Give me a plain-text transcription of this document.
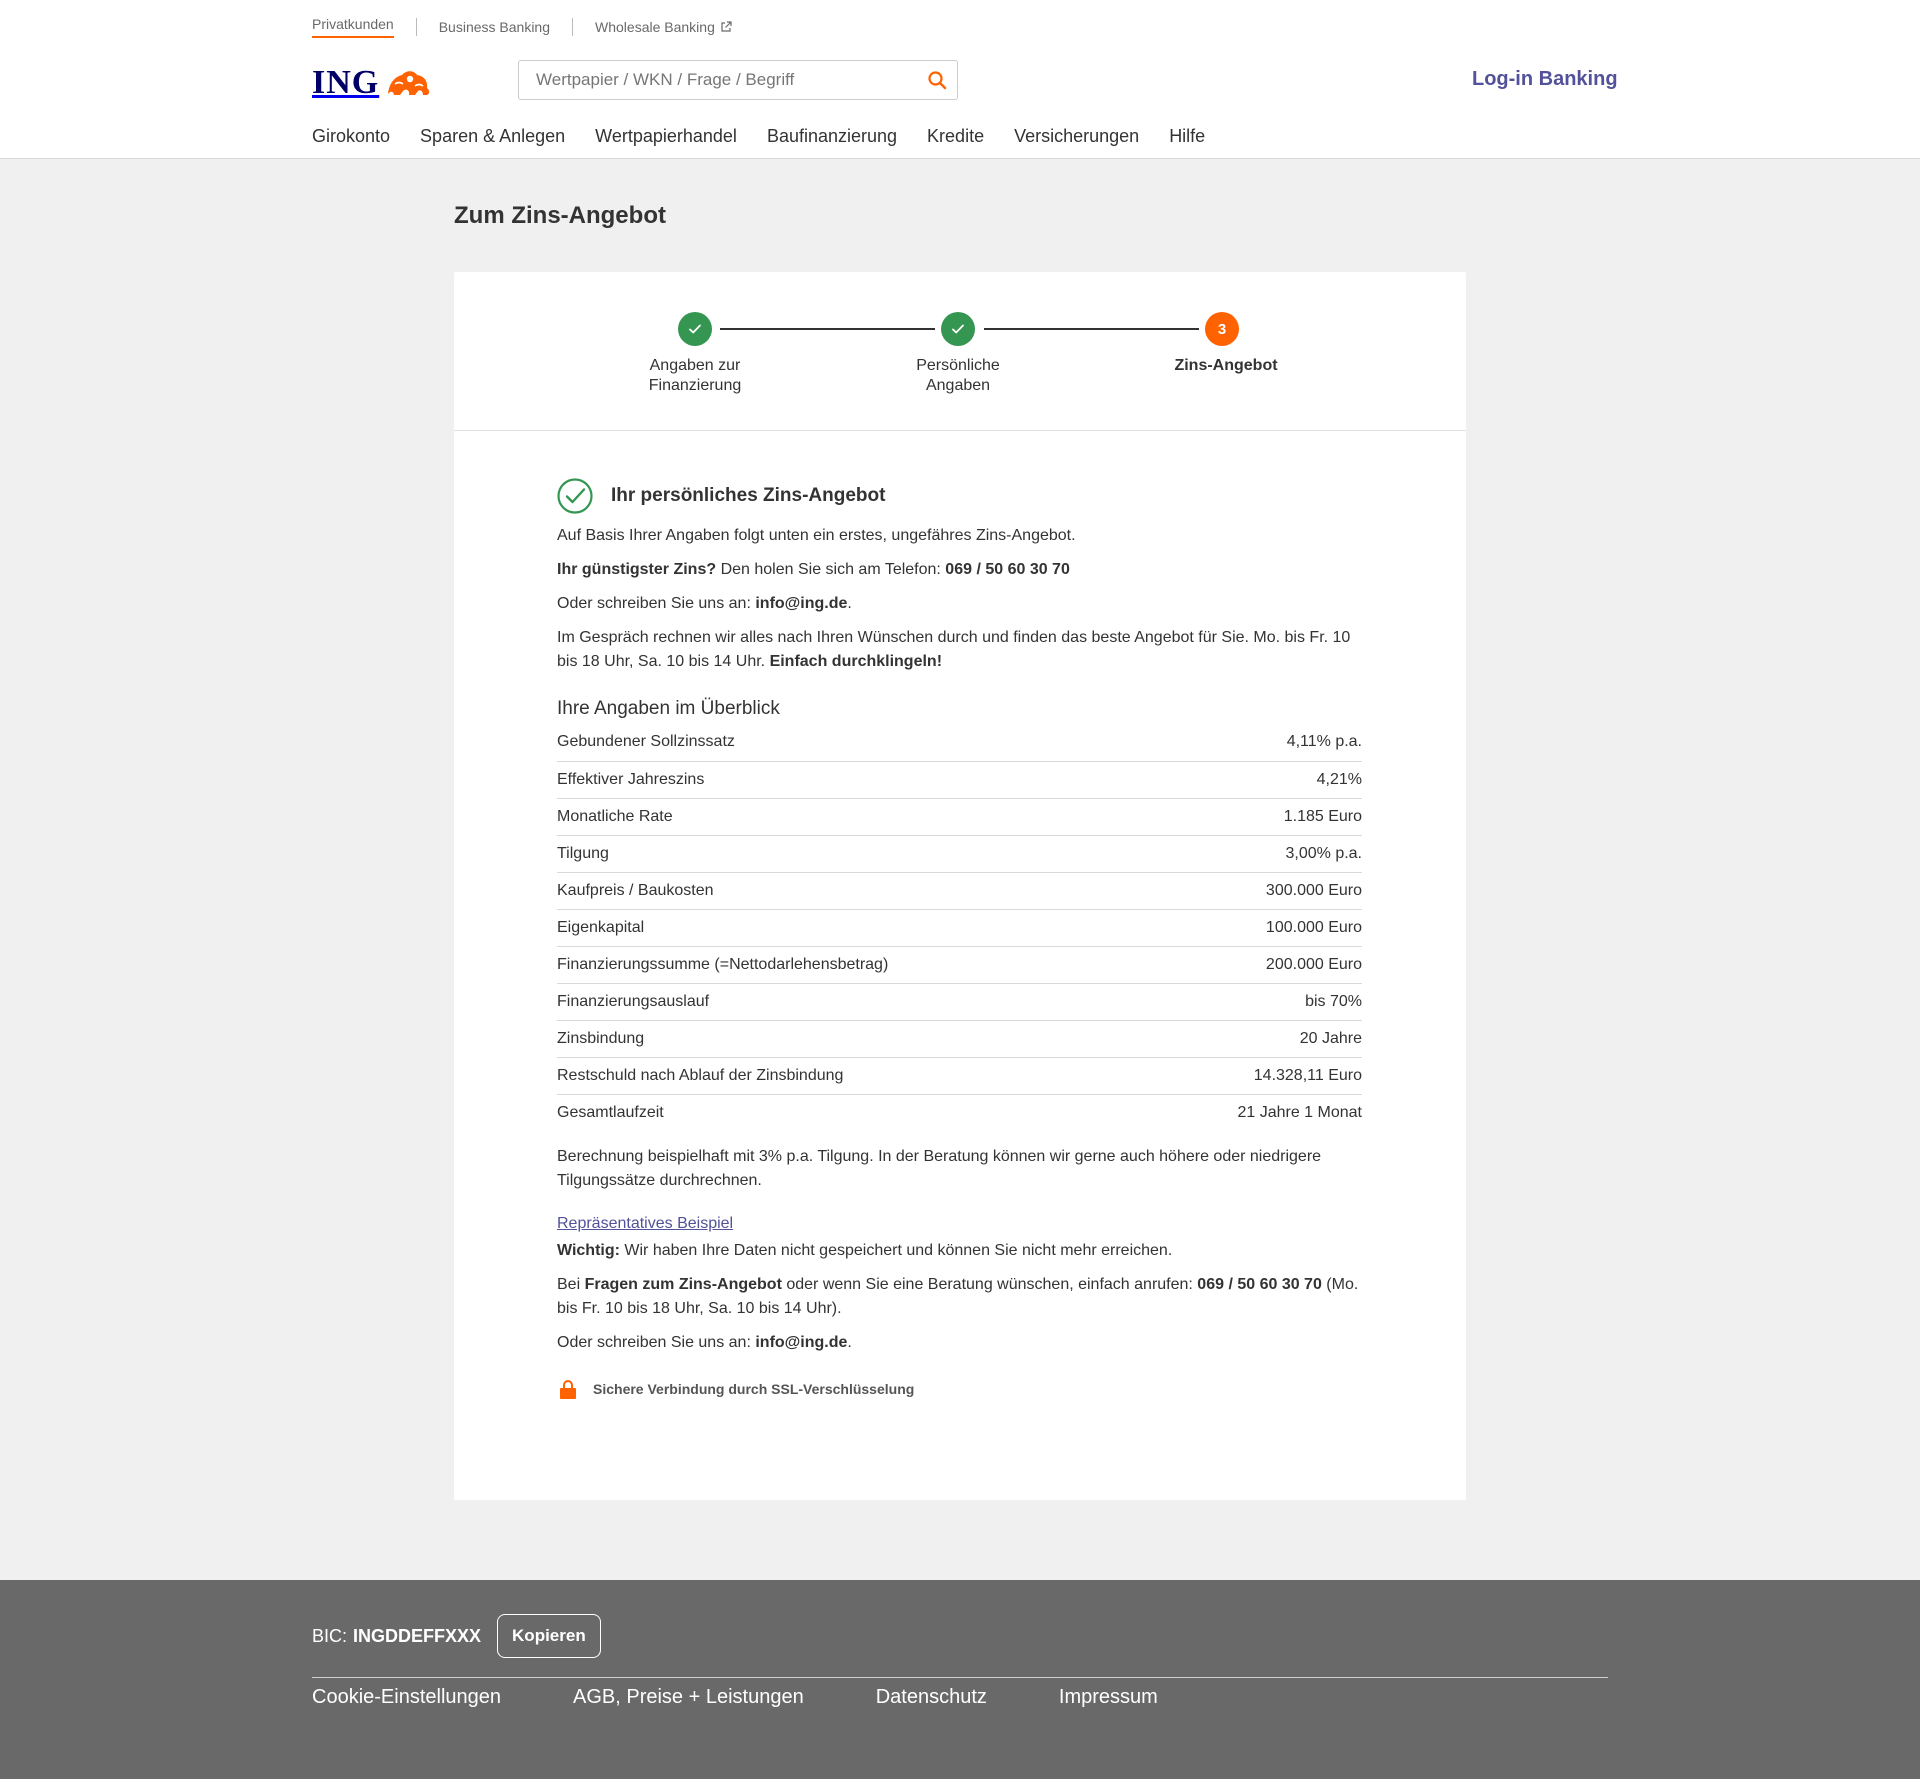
Privatkunden	Business Banking	Wholesale Banking
ING
Wertpapier / WKN / Frage / Begriff	Log-in Banking
Girokonto Sparen & Anlegen Wertpapierhandel Baufinanzierung Kredite Versicherungen Hilfe
Zum Zins-Angebot
Angaben zur
Finanzierung
Persönliche
Angaben
3
Zins-Angebot
Ihr persönliches Zins-Angebot

Auf Basis Ihrer Angaben folgt unten ein erstes, ungefähres Zins-Angebot.

Ihr günstigster Zins? Den holen Sie sich am Telefon: 069 / 50 60 30 70

Oder schreiben Sie uns an: info@ing.de.

Im Gespräch rechnen wir alles nach Ihren Wünschen durch und finden das beste Angebot für Sie. Mo. bis Fr. 10 bis 18 Uhr, Sa. 10 bis 14 Uhr. Einfach durchklingeln!

Ihre Angaben im Überblick
Gebundener Sollzinssatz	4,11% p.a.
Effektiver Jahreszins	4,21%
Monatliche Rate	1.185 Euro
Tilgung	3,00% p.a.
Kaufpreis / Baukosten	300.000 Euro
Eigenkapital	100.000 Euro
Finanzierungssumme (=Nettodarlehensbetrag)	200.000 Euro
Finanzierungsauslauf	bis 70%
Zinsbindung	20 Jahre
Restschuld nach Ablauf der Zinsbindung	14.328,11 Euro
Gesamtlaufzeit	21 Jahre 1 Monat

Berechnung beispielhaft mit 3% p.a. Tilgung. In der Beratung können wir gerne auch höhere oder niedrigere Tilgungssätze durchrechnen.

Repräsentatives Beispiel

Wichtig: Wir haben Ihre Daten nicht gespeichert und können Sie nicht mehr erreichen.

Bei Fragen zum Zins-Angebot oder wenn Sie eine Beratung wünschen, einfach anrufen: 069 / 50 60 30 70 (Mo. bis Fr. 10 bis 18 Uhr, Sa. 10 bis 14 Uhr).

Oder schreiben Sie uns an: info@ing.de.

Sichere Verbindung durch SSL-Verschlüsselung
BIC: INGDDEFFXXX	Kopieren
Cookie-Einstellungen	AGB, Preise + Leistungen	Datenschutz	Impressum
